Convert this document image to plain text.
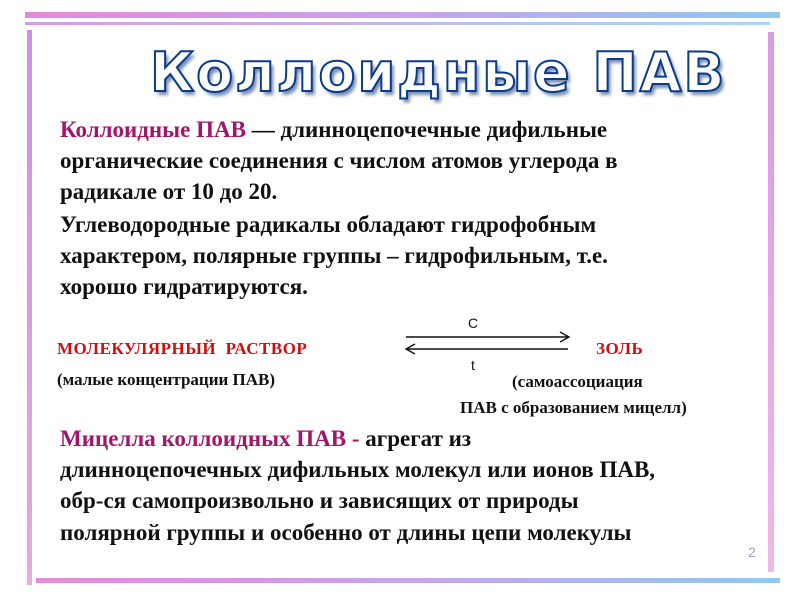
Коллоидные ПАВ
Коллоидные ПАВ — длинноцепочечные дифильные
органические соединения с числом атомов углерода в
радикале от 10 до 20.
Углеводородные радикалы обладают гидрофобным
характером, полярные группы – гидрофильным, т.е.
хорошо гидратируются.
МОЛЕКУЛЯРНЫЙ  РАСТВОР	ЗОЛЬ
C
t
(малые концентрации ПАВ)	(самоассоциация
ПАВ с образованием мицелл)
Мицелла коллоидных ПАВ - агрегат из
длинноцепочечных дифильных молекул или ионов ПАВ,
обр-ся самопроизвольно и зависящих от природы
полярной группы и особенно от длины цепи молекулы
2
